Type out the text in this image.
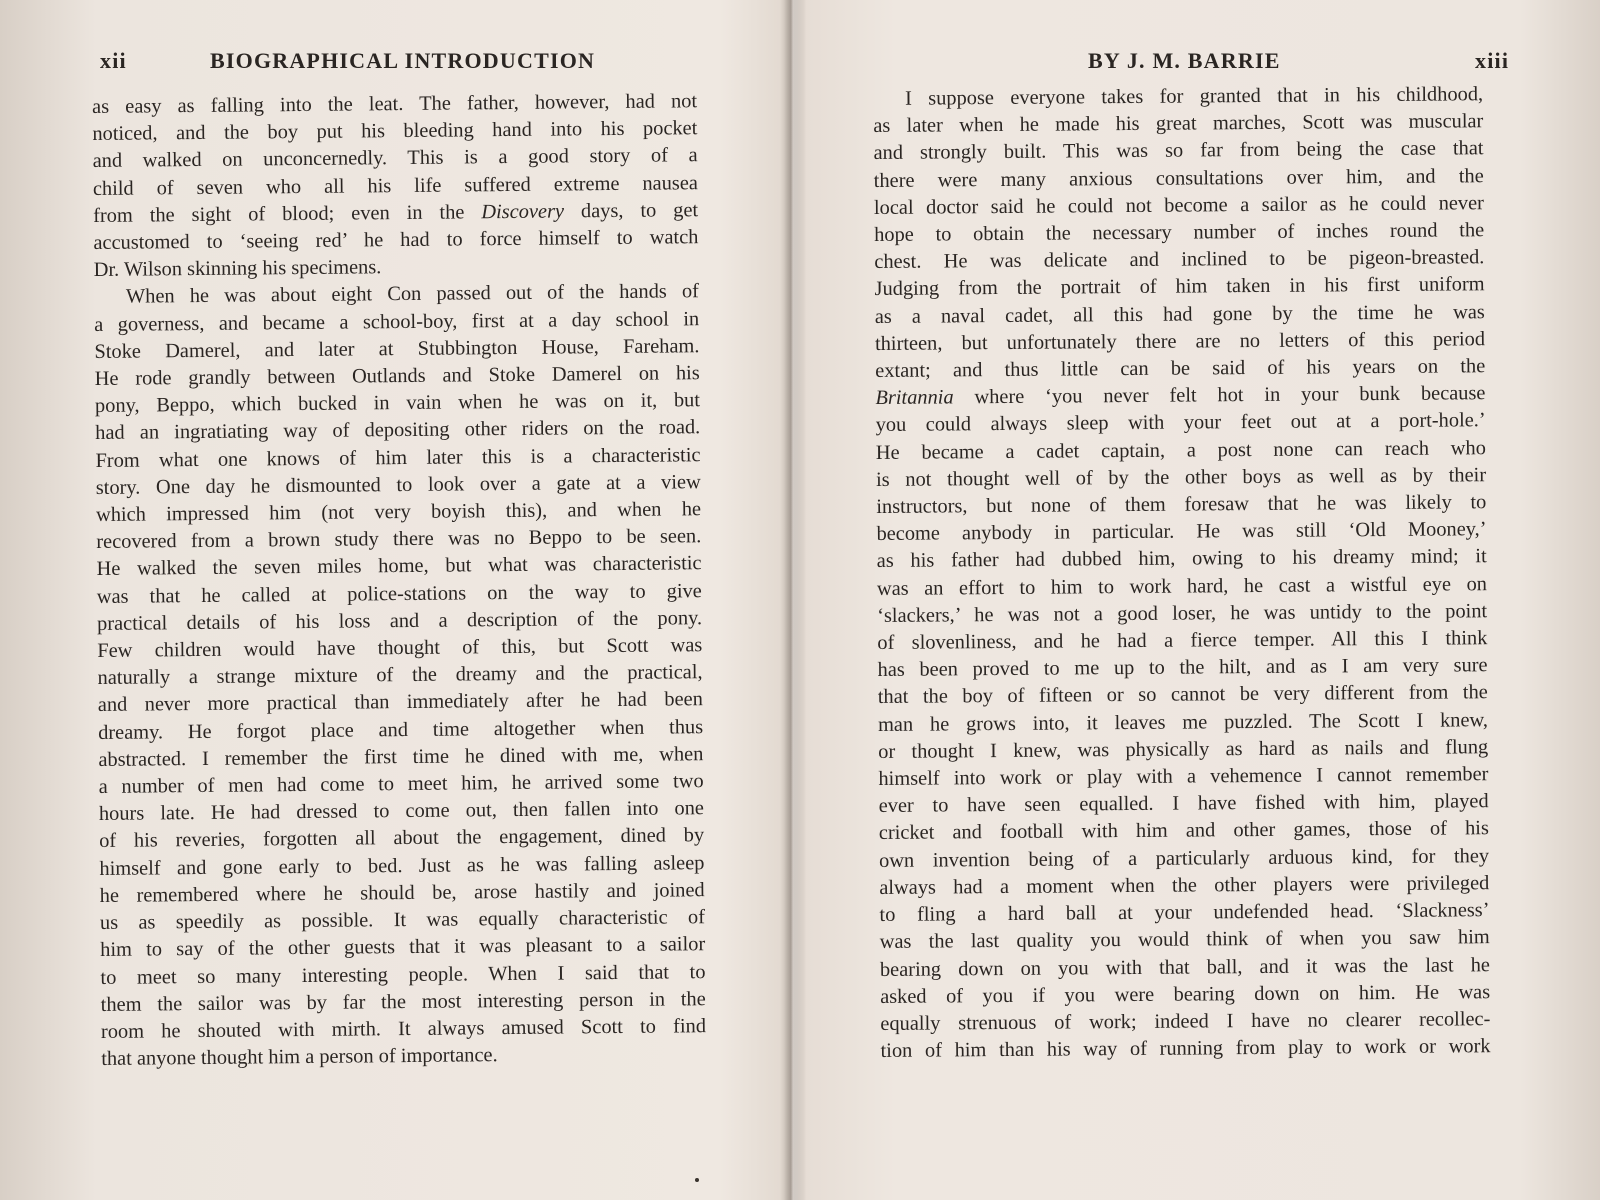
xii	BIOGRAPHICAL INTRODUCTION
as easy as falling into the leat. The father, however, had not
noticed, and the boy put his bleeding hand into his pocket
and walked on unconcernedly. This is a good story of a
child of seven who all his life suffered extreme nausea
from the sight of blood; even in the Discovery days, to get
accustomed to ‘seeing red’ he had to force himself to watch
Dr. Wilson skinning his specimens.
When he was about eight Con passed out of the hands of
a governess, and became a school-boy, first at a day school in
Stoke Damerel, and later at Stubbington House, Fareham.
He rode grandly between Outlands and Stoke Damerel on his
pony, Beppo, which bucked in vain when he was on it, but
had an ingratiating way of depositing other riders on the road.
From what one knows of him later this is a characteristic
story. One day he dismounted to look over a gate at a view
which impressed him (not very boyish this), and when he
recovered from a brown study there was no Beppo to be seen.
He walked the seven miles home, but what was characteristic
was that he called at police-stations on the way to give
practical details of his loss and a description of the pony.
Few children would have thought of this, but Scott was
naturally a strange mixture of the dreamy and the practical,
and never more practical than immediately after he had been
dreamy. He forgot place and time altogether when thus
abstracted. I remember the first time he dined with me, when
a number of men had come to meet him, he arrived some two
hours late. He had dressed to come out, then fallen into one
of his reveries, forgotten all about the engagement, dined by
himself and gone early to bed. Just as he was falling asleep
he remembered where he should be, arose hastily and joined
us as speedily as possible. It was equally characteristic of
him to say of the other guests that it was pleasant to a sailor
to meet so many interesting people. When I said that to
them the sailor was by far the most interesting person in the
room he shouted with mirth. It always amused Scott to find
that anyone thought him a person of importance.
BY J. M. BARRIE	xiii
I suppose everyone takes for granted that in his childhood,
as later when he made his great marches, Scott was muscular
and strongly built. This was so far from being the case that
there were many anxious consultations over him, and the
local doctor said he could not become a sailor as he could never
hope to obtain the necessary number of inches round the
chest. He was delicate and inclined to be pigeon-breasted.
Judging from the portrait of him taken in his first uniform
as a naval cadet, all this had gone by the time he was
thirteen, but unfortunately there are no letters of this period
extant; and thus little can be said of his years on the
Britannia where ‘you never felt hot in your bunk because
you could always sleep with your feet out at a port-hole.’
He became a cadet captain, a post none can reach who
is not thought well of by the other boys as well as by their
instructors, but none of them foresaw that he was likely to
become anybody in particular. He was still ‘Old Mooney,’
as his father had dubbed him, owing to his dreamy mind; it
was an effort to him to work hard, he cast a wistful eye on
‘slackers,’ he was not a good loser, he was untidy to the point
of slovenliness, and he had a fierce temper. All this I think
has been proved to me up to the hilt, and as I am very sure
that the boy of fifteen or so cannot be very different from the
man he grows into, it leaves me puzzled. The Scott I knew,
or thought I knew, was physically as hard as nails and flung
himself into work or play with a vehemence I cannot remember
ever to have seen equalled. I have fished with him, played
cricket and football with him and other games, those of his
own invention being of a particularly arduous kind, for they
always had a moment when the other players were privileged
to fling a hard ball at your undefended head. ‘Slackness’
was the last quality you would think of when you saw him
bearing down on you with that ball, and it was the last he
asked of you if you were bearing down on him. He was
equally strenuous of work; indeed I have no clearer recollec-
tion of him than his way of running from play to work or work
